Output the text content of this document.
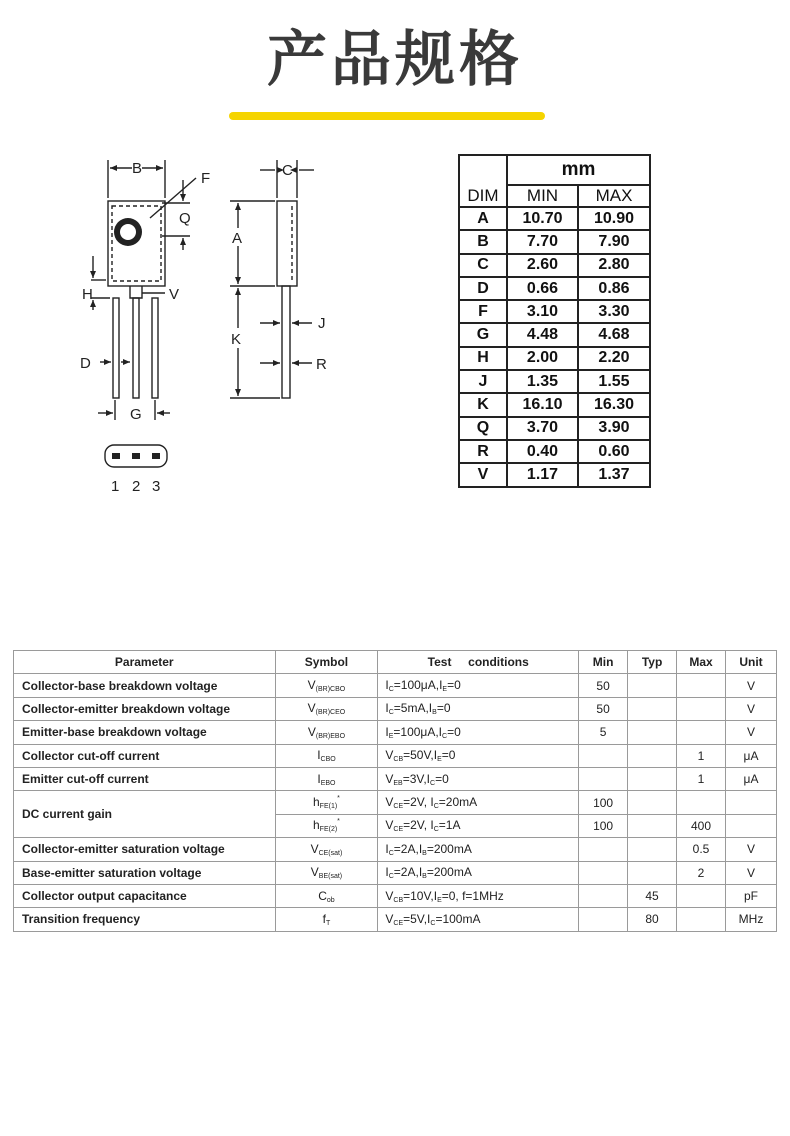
产品规格
B
F
Q
H	V
D
G
C
A
K
J
R
1 2 3
DIM	mm	
	MIN	MAX
A	10.70	10.90
B	7.70	7.90
C	2.60	2.80
D	0.66	0.86
F	3.10	3.30
G	4.48	4.68
H	2.00	2.20
J	1.35	1.55
K	16.10	16.30
Q	3.70	3.90
R	0.40	0.60
V	1.17	1.37
Parameter	Symbol	Test conditions	Min	Typ	Max	Unit
Collector-base breakdown voltage	$V_{(BR)CBO}$	$I_C=100\mu A,I_E=0$	50			V
Collector-emitter breakdown voltage	$V_{(BR)CEO}$	$I_C=5mA,I_B=0$	50			V
Emitter-base breakdown voltage	$V_{(BR)EBO}$	$I_E=100\mu A,I_C=0$	5			V
Collector cut-off current	$I_{CBO}$	$V_{CB}=50V,I_E=0$			1	μA
Emitter cut-off current	$I_{EBO}$	$V_{EB}=3V,I_C=0$			1	μA
DC current gain	$h_{FE(1)}^*$	$V_{CE}=2V$, $I_C=20mA$	100			
	$h_{FE(2)}^*$	$V_{CE}=2V$, $I_C=1A$	100		400	
Collector-emitter saturation voltage	$V_{CE(sat)}$	$I_C=2A,I_B=200mA$			0.5	V
Base-emitter saturation voltage	$V_{BE(sat)}$	$I_C=2A,I_B=200mA$			2	V
Collector output capacitance	$C_{ob}$	$V_{CB}=10V,I_E=0$, f=1MHz		45		pF
Transition frequency	$f_T$	$V_{CE}=5V,I_C=100mA$		80		MHz
